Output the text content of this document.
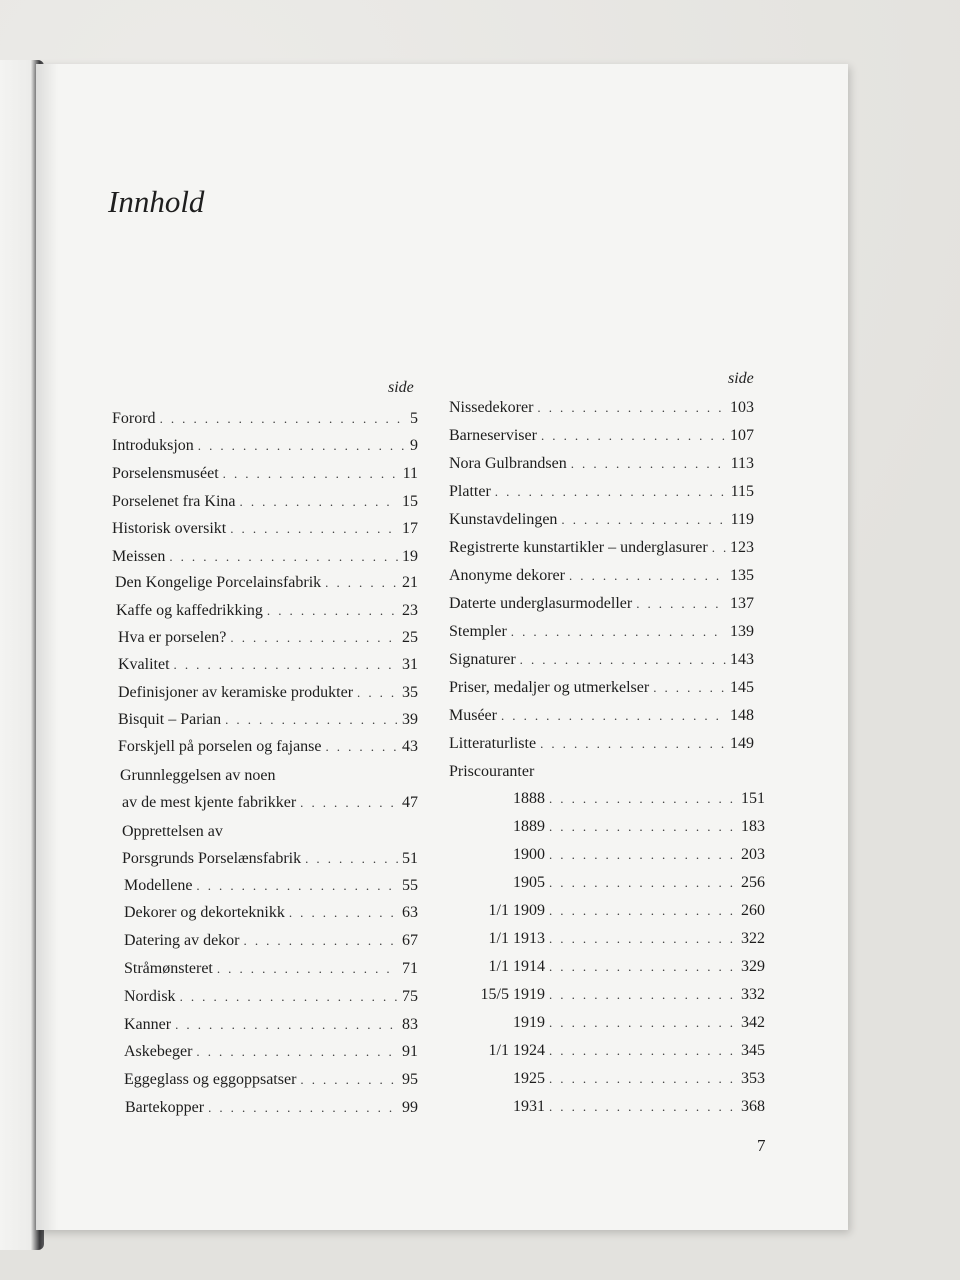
Innhold
side
side
Forord . . .	5
Introduksjon . . .	9
Porselensmuséet . . .	11
Porselenet fra Kina . . .	15
Historisk oversikt . . .	17
Meissen . . .	19
Den Kongelige Porcelainsfabrik . . .	21
Kaffe og kaffedrikking . . .	23
Hva er porselen? . . .	25
Kvalitet . . .	31
Definisjoner av keramiske produkter . . .	35
Bisquit – Parian . . .	39
Forskjell på porselen og fajanse . . .	43
Grunnleggelsen av noen
av de mest kjente fabrikker . . .	47
Opprettelsen av
Porsgrunds Porselænsfabrik . . .	51
Modellene . . .	55
Dekorer og dekorteknikk . . .	63
Datering av dekor . . .	67
Stråmønsteret . . .	71
Nordisk . . .	75
Kanner . . .	83
Askebeger . . .	91
Eggeglass og eggoppsatser . . .	95
Bartekopper . . .	99
Nissedekorer . . .	103
Barneserviser . . .	107
Nora Gulbrandsen . . .	113
Platter . . .	115
Kunstavdelingen . . .	119
Registrerte kunstartikler – underglasurer . . . 123
Anonyme dekorer . . .	135
Daterte underglasurmodeller . . .	137
Stempler . . .	139
Signaturer . . .	143
Priser, medaljer og utmerkelser . . .	145
Muséer . . .	148
Litteraturliste . . .	149
Priscouranter
1888 . . .	151
1889 . . .	183
1900 . . .	203
1905 . . .	256
1/1 1909 . . .	260
1/1 1913 . . .	322
1/1 1914 . . .	329
15/5 1919 . . .	332
1919 . . .	342
1/1 1924 . . .	345
1925 . . .	353
1931 . . .	368
7
